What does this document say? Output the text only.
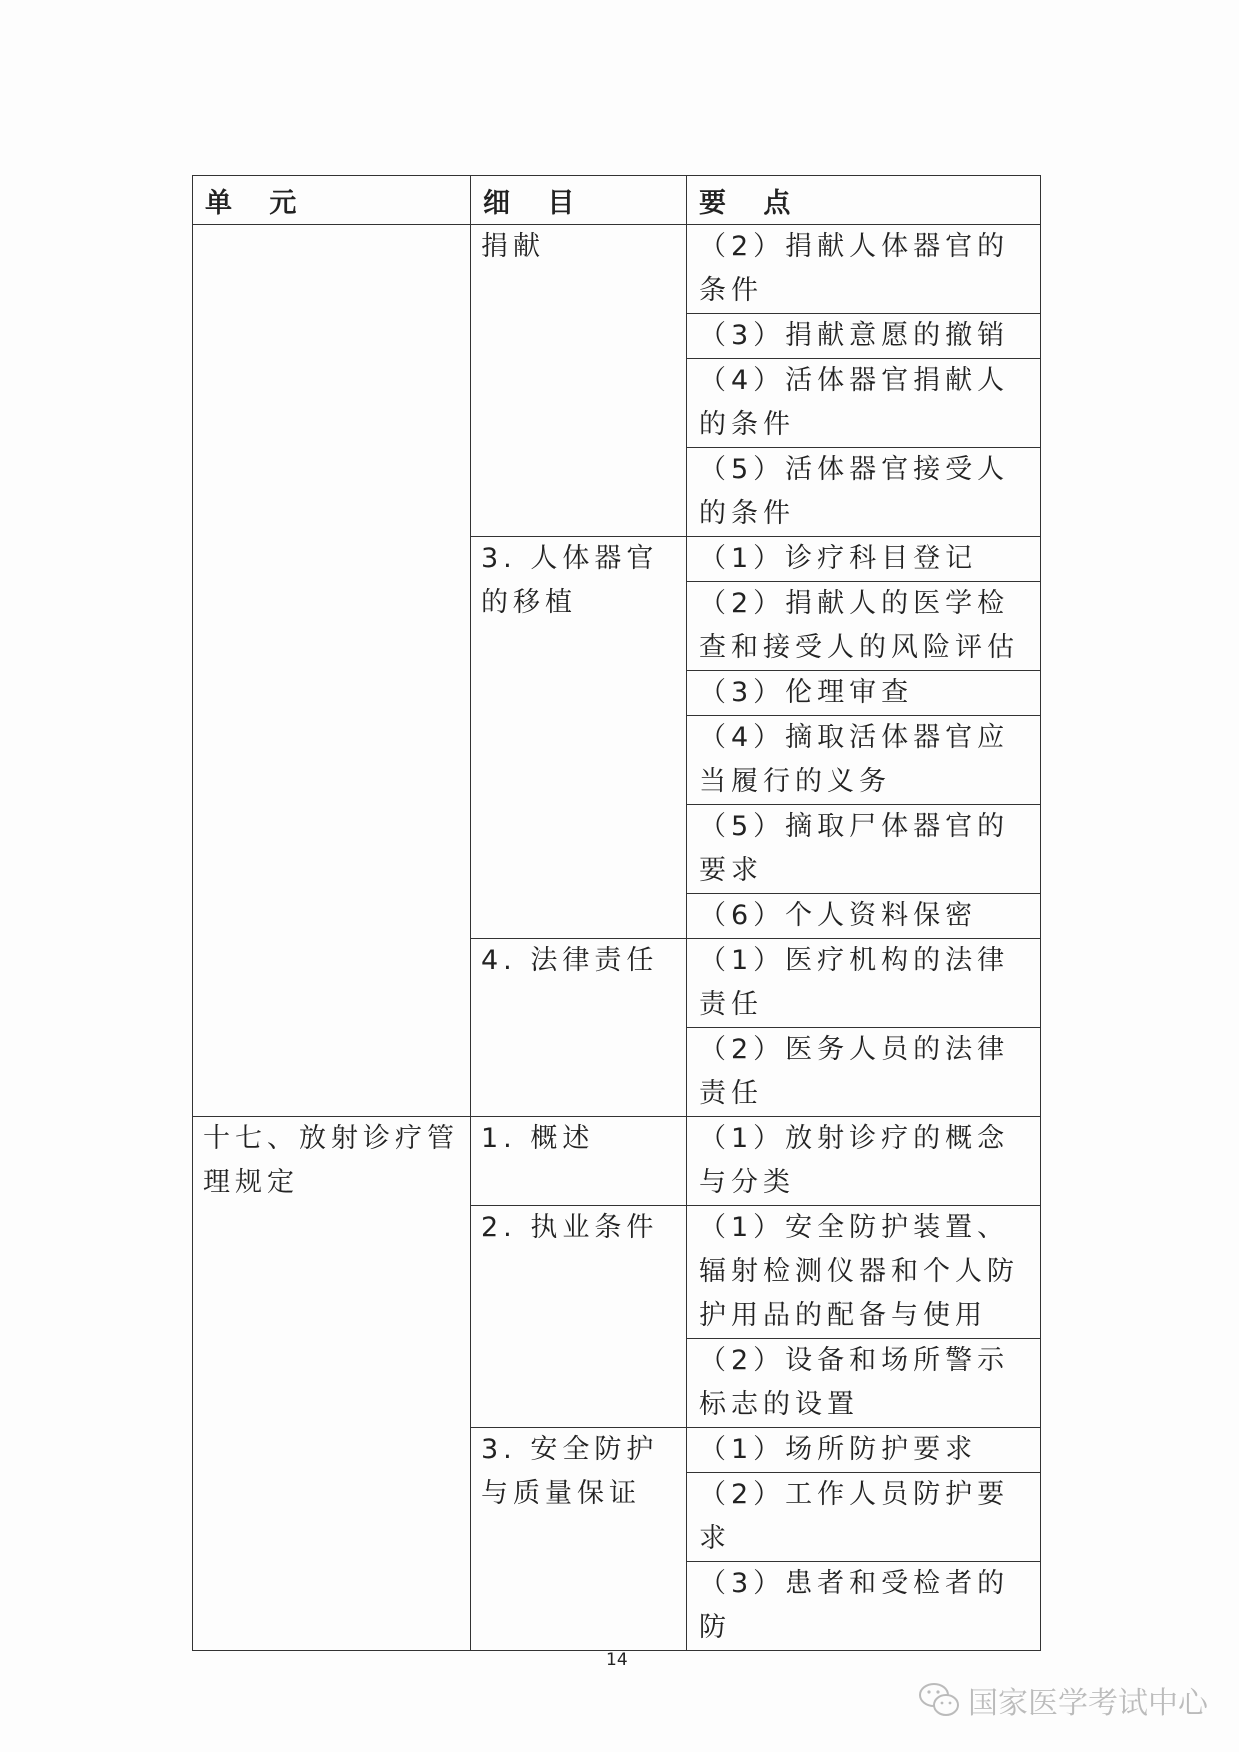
单 元	细 目	要 点
	捐献	（2）捐献人体器官的条件
		（3）捐献意愿的撤销
		（4）活体器官捐献人的条件
		（5）活体器官接受人的条件
	3. 人体器官的移植	（1）诊疗科目登记
		（2）捐献人的医学检查和接受人的风险评估
		（3）伦理审查
		（4）摘取活体器官应当履行的义务
		（5）摘取尸体器官的要求
		（6）个人资料保密
	4. 法律责任	（1）医疗机构的法律责任
		（2）医务人员的法律责任
十七、放射诊疗管理规定	1. 概述	（1）放射诊疗的概念与分类
	2. 执业条件	（1）安全防护装置、辐射检测仪器和个人防护用品的配备与使用
		（2）设备和场所警示标志的设置
	3. 安全防护与质量保证	（1）场所防护要求
		（2）工作人员防护要求
		（3）患者和受检者的防
14
国家医学考试中心
